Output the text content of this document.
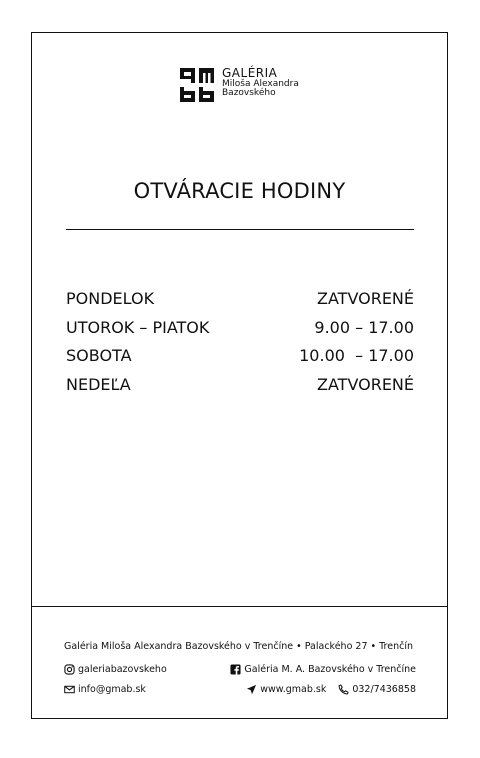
GALÉRIA
Miloša Alexandra
Bazovského
OTVÁRACIE HODINY
PONDELOK	ZATVORENÉ
UTOROK – PIATOK	9.00 – 17.00
SOBOTA	10.00  – 17.00
NEDEĽA	ZATVORENÉ
Galéria Miloša Alexandra Bazovského v Trenčíne • Palackého 27 • Trenčín
galeriabazovskeho	Galéria M. A. Bazovského v Trenčíne
info@gmab.sk	www.gmab.sk	032/7436858
